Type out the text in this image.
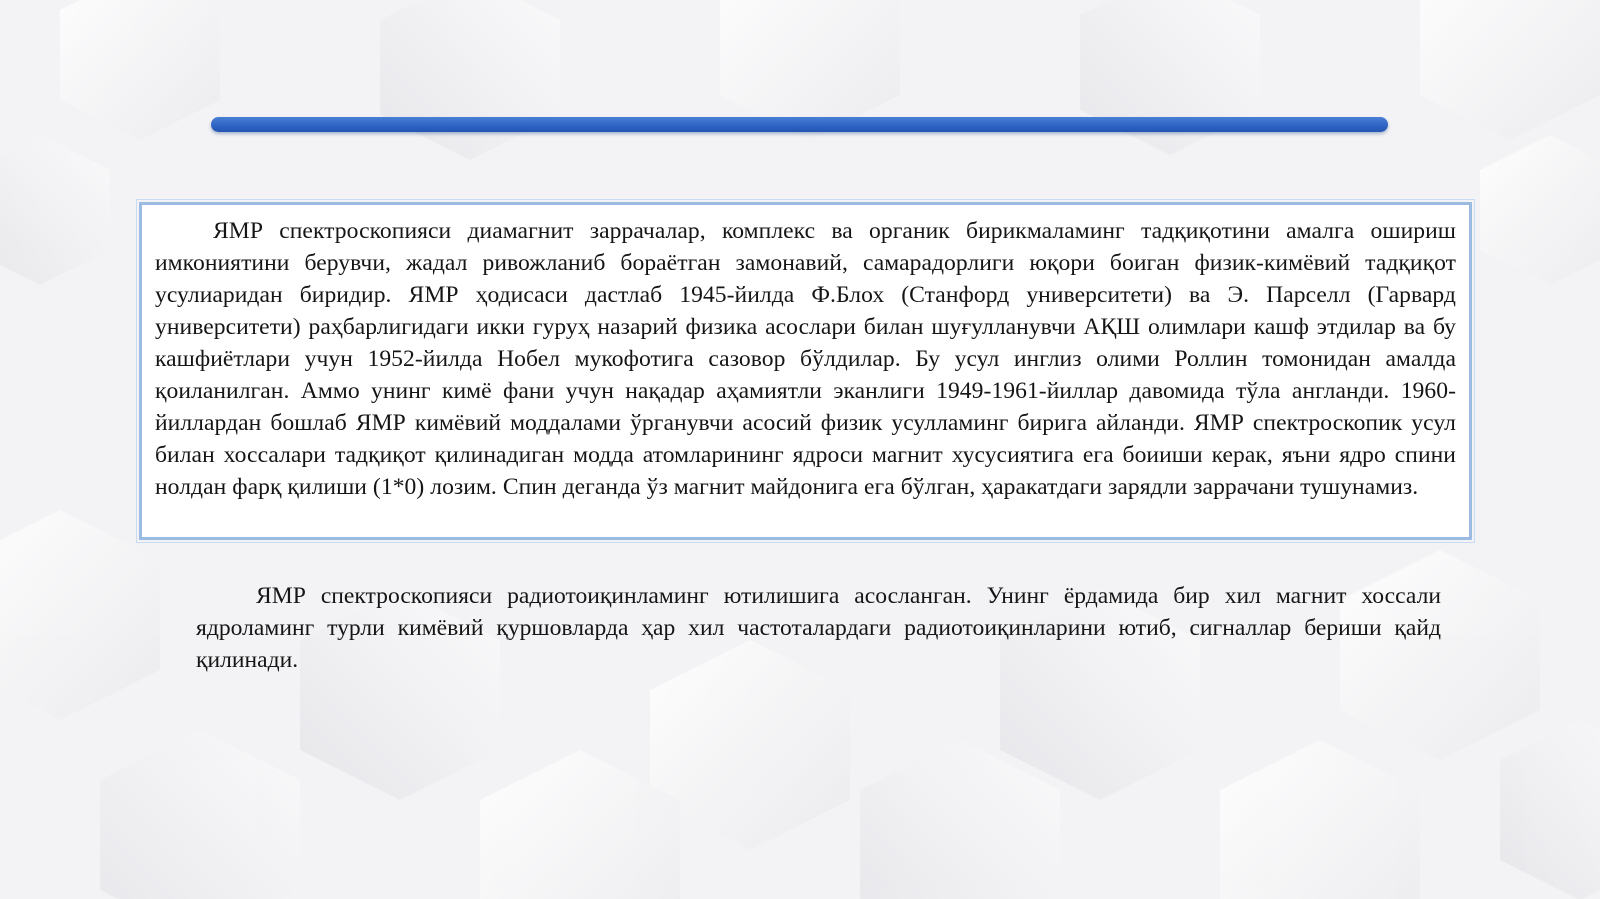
ЯМР спектроскопияси диамагнит заррачалар, комплекс ва органик бирикмаламинг тадқиқотини амалга ошириш имкониятини берувчи, жадал ривожланиб бораётган замонавий, самарадорлиги юқори боиган физик-кимёвий тадқиқот усулиаридан биридир. ЯМР ҳодисаси дастлаб 1945-йилда Ф.Блох (Станфорд университети) ва Э. Парселл (Гарвард университети) раҳбарлигидаги икки гуруҳ назарий физика асослари билан шуғулланувчи АҚШ олимлари кашф этдилар ва бу кашфиётлари учун 1952-йилда Нобел мукофотига сазовор бўлдилар. Бу усул инглиз олими Роллин томонидан амалда қоиланилган. Аммо унинг кимё фани учун нақадар аҳамиятли эканлиги 1949-1961-йиллар давомида тўла англанди. 1960-йиллардан бошлаб ЯМР кимёвий моддалами ўрганувчи асосий физик усулламинг бирига айланди. ЯМР спектроскопик усул билан хоссалари тадқиқот қилинадиган модда атомларининг ядроси магнит хусусиятига ега боииши керак, яъни ядро спини нолдан фарқ қилиши (1*0) лозим. Спин деганда ўз магнит майдонига ега бўлган, ҳаракатдаги зарядли заррачани тушунамиз.

ЯМР спектроскопияси радиотоиқинламинг ютилишига асосланган. Унинг ёрдамида бир хил магнит хоссали ядроламинг турли кимёвий қуршовларда ҳар хил частоталардаги радиотоиқинларини ютиб, сигналлар бериши қайд қилинади.
